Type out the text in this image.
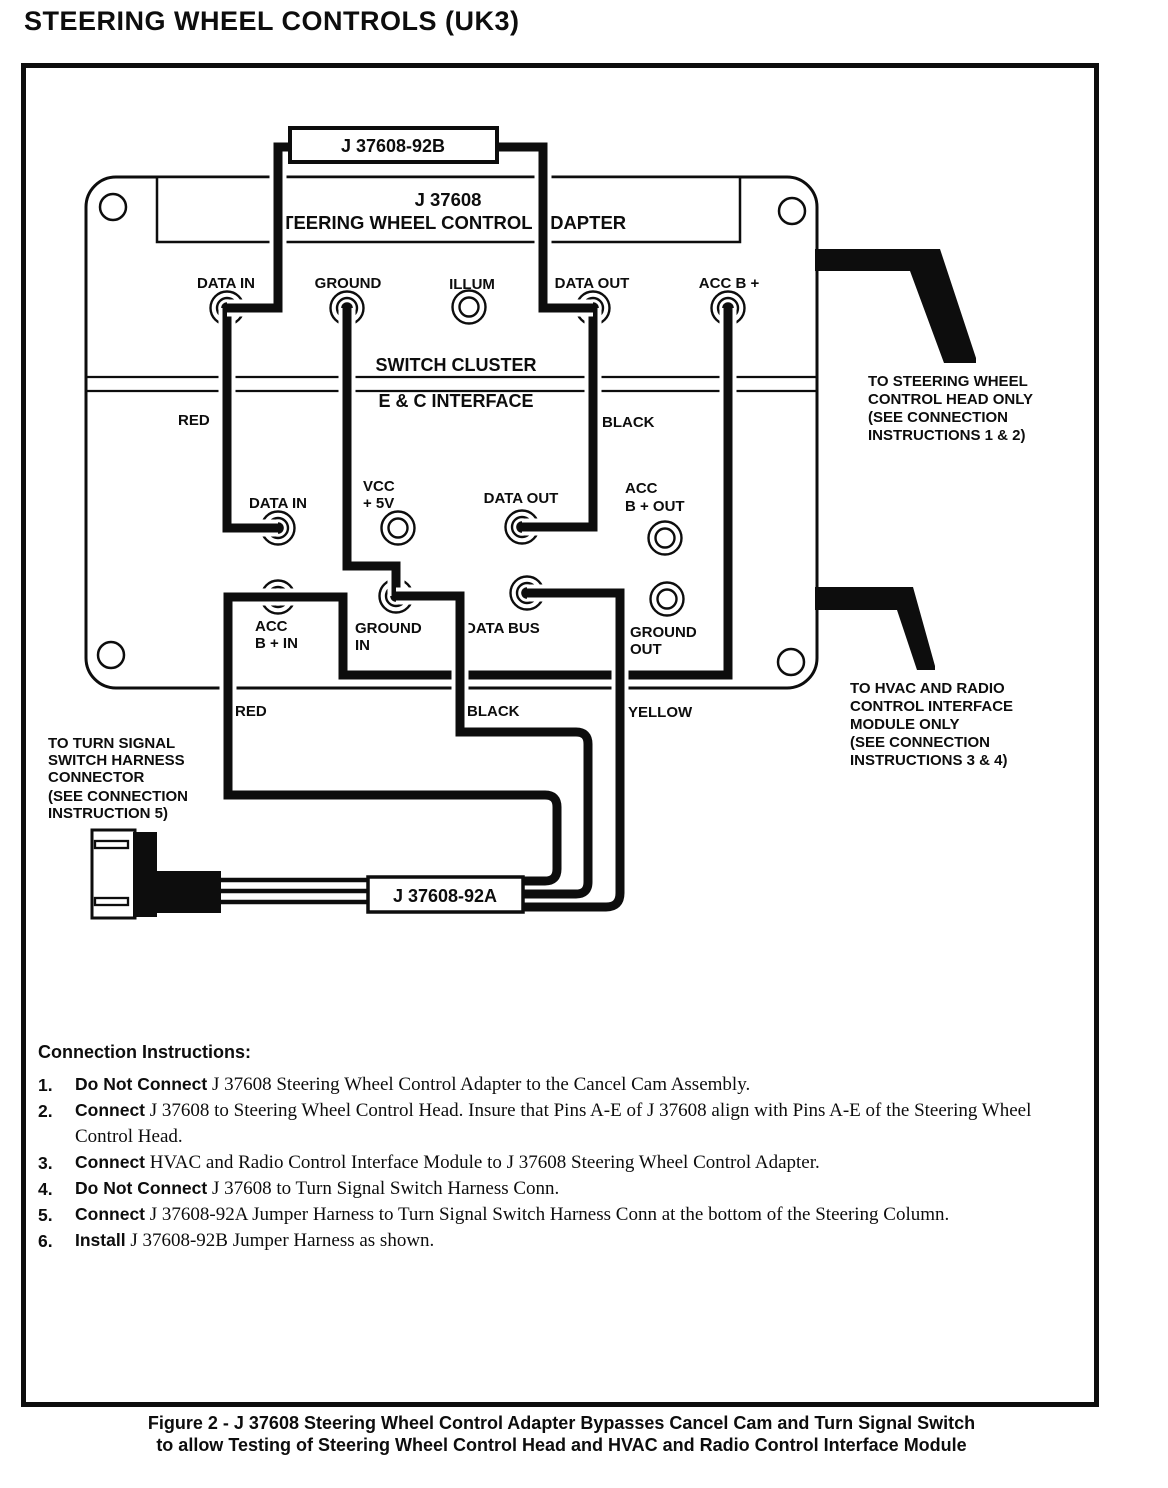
STEERING WHEEL CONTROLS (UK3)
J 37608
STEERING WHEEL CONTROL ADAPTER
SWITCH CLUSTER
E & C INTERFACE
DATA IN	GROUND	ILLUM	DATA OUT	ACC B +
DATA IN
VCC
+ 5V	DATA OUT
ACC
B + OUT
ACC
B + IN
GROUND
IN
DATA BUS	GROUND
OUT
RED	BLACK
RED	BLACK	YELLOW
TO STEERING WHEEL
CONTROL HEAD ONLY
(SEE CONNECTION
INSTRUCTIONS 1 & 2)
TO HVAC AND RADIO
CONTROL INTERFACE
MODULE ONLY
(SEE CONNECTION
INSTRUCTIONS 3 & 4)
TO TURN SIGNAL
SWITCH HARNESS
CONNECTOR
(SEE CONNECTION
INSTRUCTION 5)
J 37608-92B
J 37608-92A
Connection Instructions:
1.	Do Not Connect J 37608 Steering Wheel Control Adapter to the Cancel Cam Assembly.
2.	Connect J 37608 to Steering Wheel Control Head. Insure that Pins A-E of J 37608 align with Pins A-E of the Steering Wheel Control Head.
3.	Connect HVAC and Radio Control Interface Module to J 37608 Steering Wheel Control Adapter.
4.	Do Not Connect J 37608 to Turn Signal Switch Harness Conn.
5.	Connect J 37608-92A Jumper Harness to Turn Signal Switch Harness Conn at the bottom of the Steering Column.
6.	Install J 37608-92B Jumper Harness as shown.
Figure 2 - J 37608 Steering Wheel Control Adapter Bypasses Cancel Cam and Turn Signal Switch
to allow Testing of Steering Wheel Control Head and HVAC and Radio Control Interface Module
